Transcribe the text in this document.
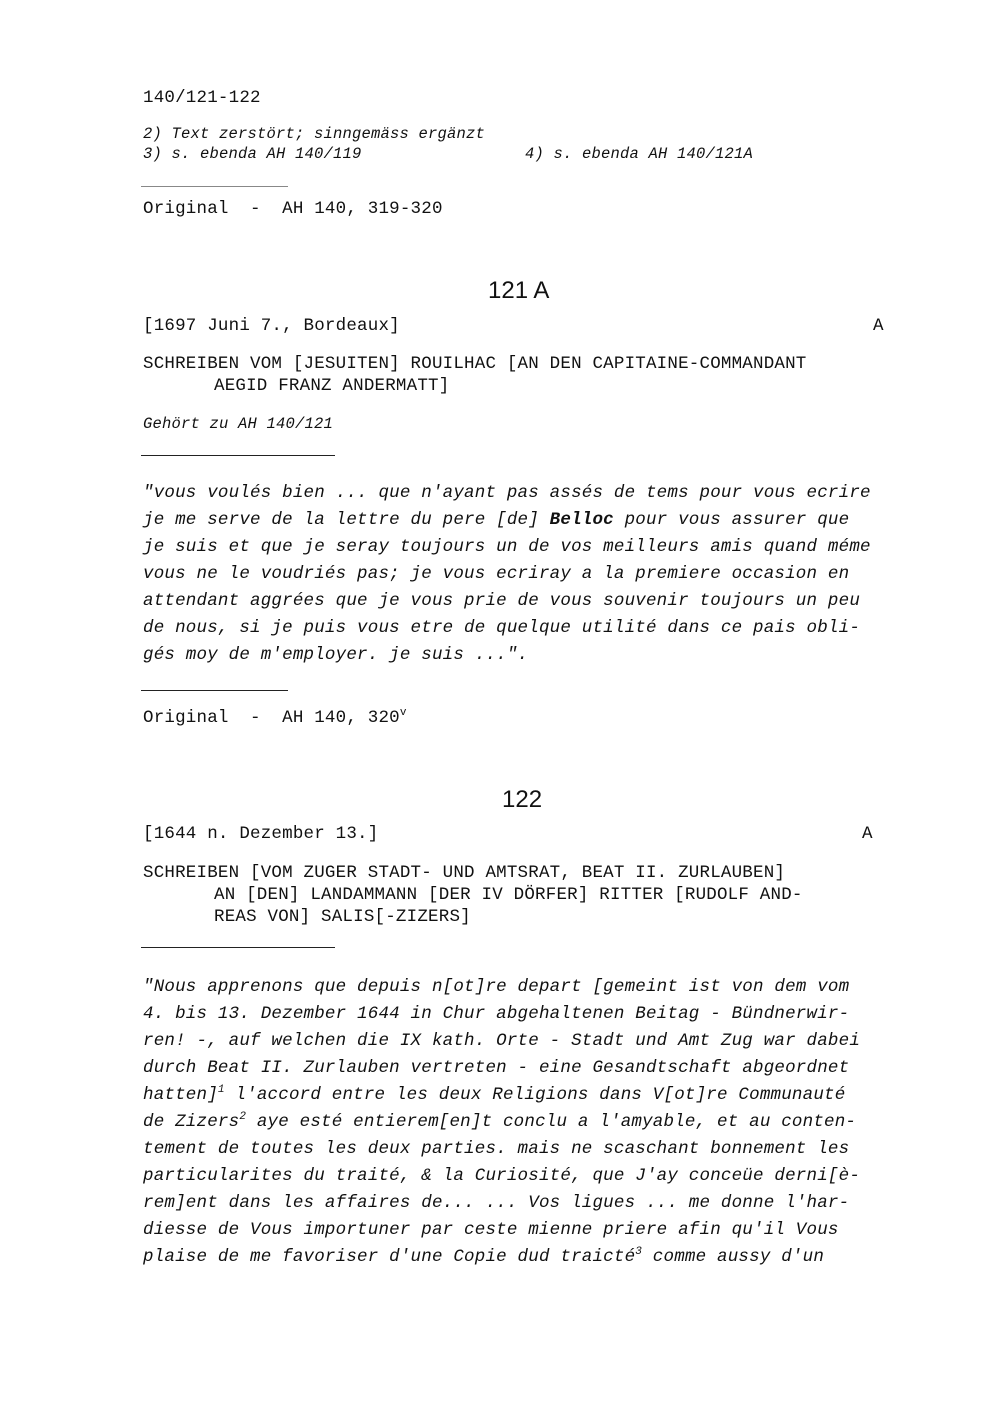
140/121-122
2) Text zerstört; sinngemäss ergänzt
3) s. ebenda AH 140/119	4) s. ebenda AH 140/121A
Original  -  AH 140, 319-320
121 A
[1697 Juni 7., Bordeaux]	A
SCHREIBEN VOM [JESUITEN] ROUILHAC [AN DEN CAPITAINE-COMMANDANT
AEGID FRANZ ANDERMATT]
Gehört zu AH 140/121
"vous voulés bien ... que n'ayant pas assés de tems pour vous ecrire
je me serve de la lettre du pere [de] Belloc pour vous assurer que
je suis et que je seray toujours un de vos meilleurs amis quand méme
vous ne le voudriés pas; je vous ecriray a la premiere occasion en
attendant aggrées que je vous prie de vous souvenir toujours un peu
de nous, si je puis vous etre de quelque utilité dans ce pais obli-
gés moy de m'employer. je suis ...".
Original  -  AH 140, 320$^v$
122
[1644 n. Dezember 13.]	A
SCHREIBEN [VOM ZUGER STADT- UND AMTSRAT, BEAT II. ZURLAUBEN]
AN [DEN] LANDAMMANN [DER IV DÖRFER] RITTER [RUDOLF AND-
REAS VON] SALIS[-ZIZERS]
"Nous apprenons que depuis n[ot]re depart [gemeint ist von dem vom
4. bis 13. Dezember 1644 in Chur abgehaltenen Beitag - Bündnerwir-
ren! -, auf welchen die IX kath. Orte - Stadt und Amt Zug war dabei
durch Beat II. Zurlauben vertreten - eine Gesandtschaft abgeordnet
hatten]$^1$ l'accord entre les deux Religions dans V[ot]re Communauté
de Zizers$^2$ aye esté entierem[en]t conclu a l'amyable, et au conten-
tement de toutes les deux parties. mais ne scaschant bonnement les
particularites du traité, & la Curiosité, que J'ay conceüe derni[è-
rem]ent dans les affaires de... ... Vos ligues ... me donne l'har-
diesse de Vous importuner par ceste mienne priere afin qu'il Vous
plaise de me favoriser d'une Copie dud traicté$^3$ comme aussy d'un
